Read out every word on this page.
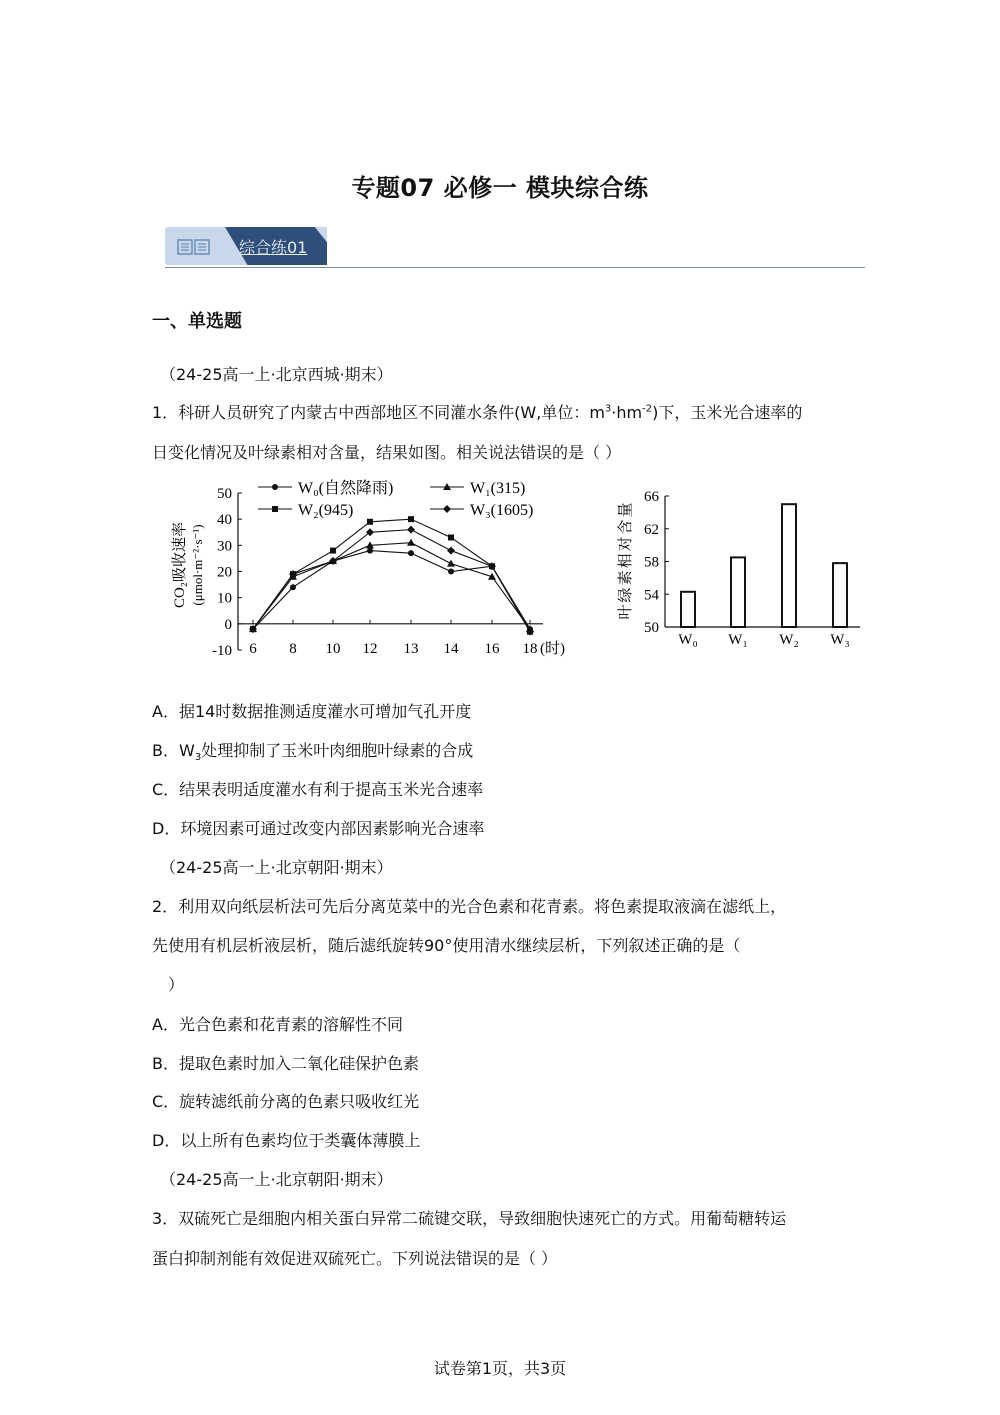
专题07 必修一 模块综合练
综合练01
一、单选题
（24-25高一上·北京西城·期末）
1．科研人员研究了内蒙古中西部地区不同灌水条件(W,单位：$m^3\cdot hm^{-2}$)下，玉米光合速率的
日变化情况及叶绿素相对含量，结果如图。相关说法错误的是（ ）
-10
0
10
20
30
40
50
6 8 10 12 13 14 16 18 (时)
W₀(自然降雨)	W₁(315)
W₂(945)	W₃(1605)
CO₂吸收速率 (μmol·m⁻²·s⁻¹)
50
54
58
62
66
W₀ W₁ W₂ W₃
叶绿素相对含量
A．据14时数据推测适度灌水可增加气孔开度
B．$W_3$处理抑制了玉米叶肉细胞叶绿素的合成
C．结果表明适度灌水有利于提高玉米光合速率
D．环境因素可通过改变内部因素影响光合速率
（24-25高一上·北京朝阳·期末）
2．利用双向纸层析法可先后分离苋菜中的光合色素和花青素。将色素提取液滴在滤纸上，
先使用有机层析液层析，随后滤纸旋转90°使用清水继续层析，下列叙述正确的是（
）
A．光合色素和花青素的溶解性不同
B．提取色素时加入二氧化硅保护色素
C．旋转滤纸前分离的色素只吸收红光
D．以上所有色素均位于类囊体薄膜上
（24-25高一上·北京朝阳·期末）
3．双硫死亡是细胞内相关蛋白异常二硫键交联，导致细胞快速死亡的方式。用葡萄糖转运
蛋白抑制剂能有效促进双硫死亡。下列说法错误的是（ ）
试卷第1页，共3页
